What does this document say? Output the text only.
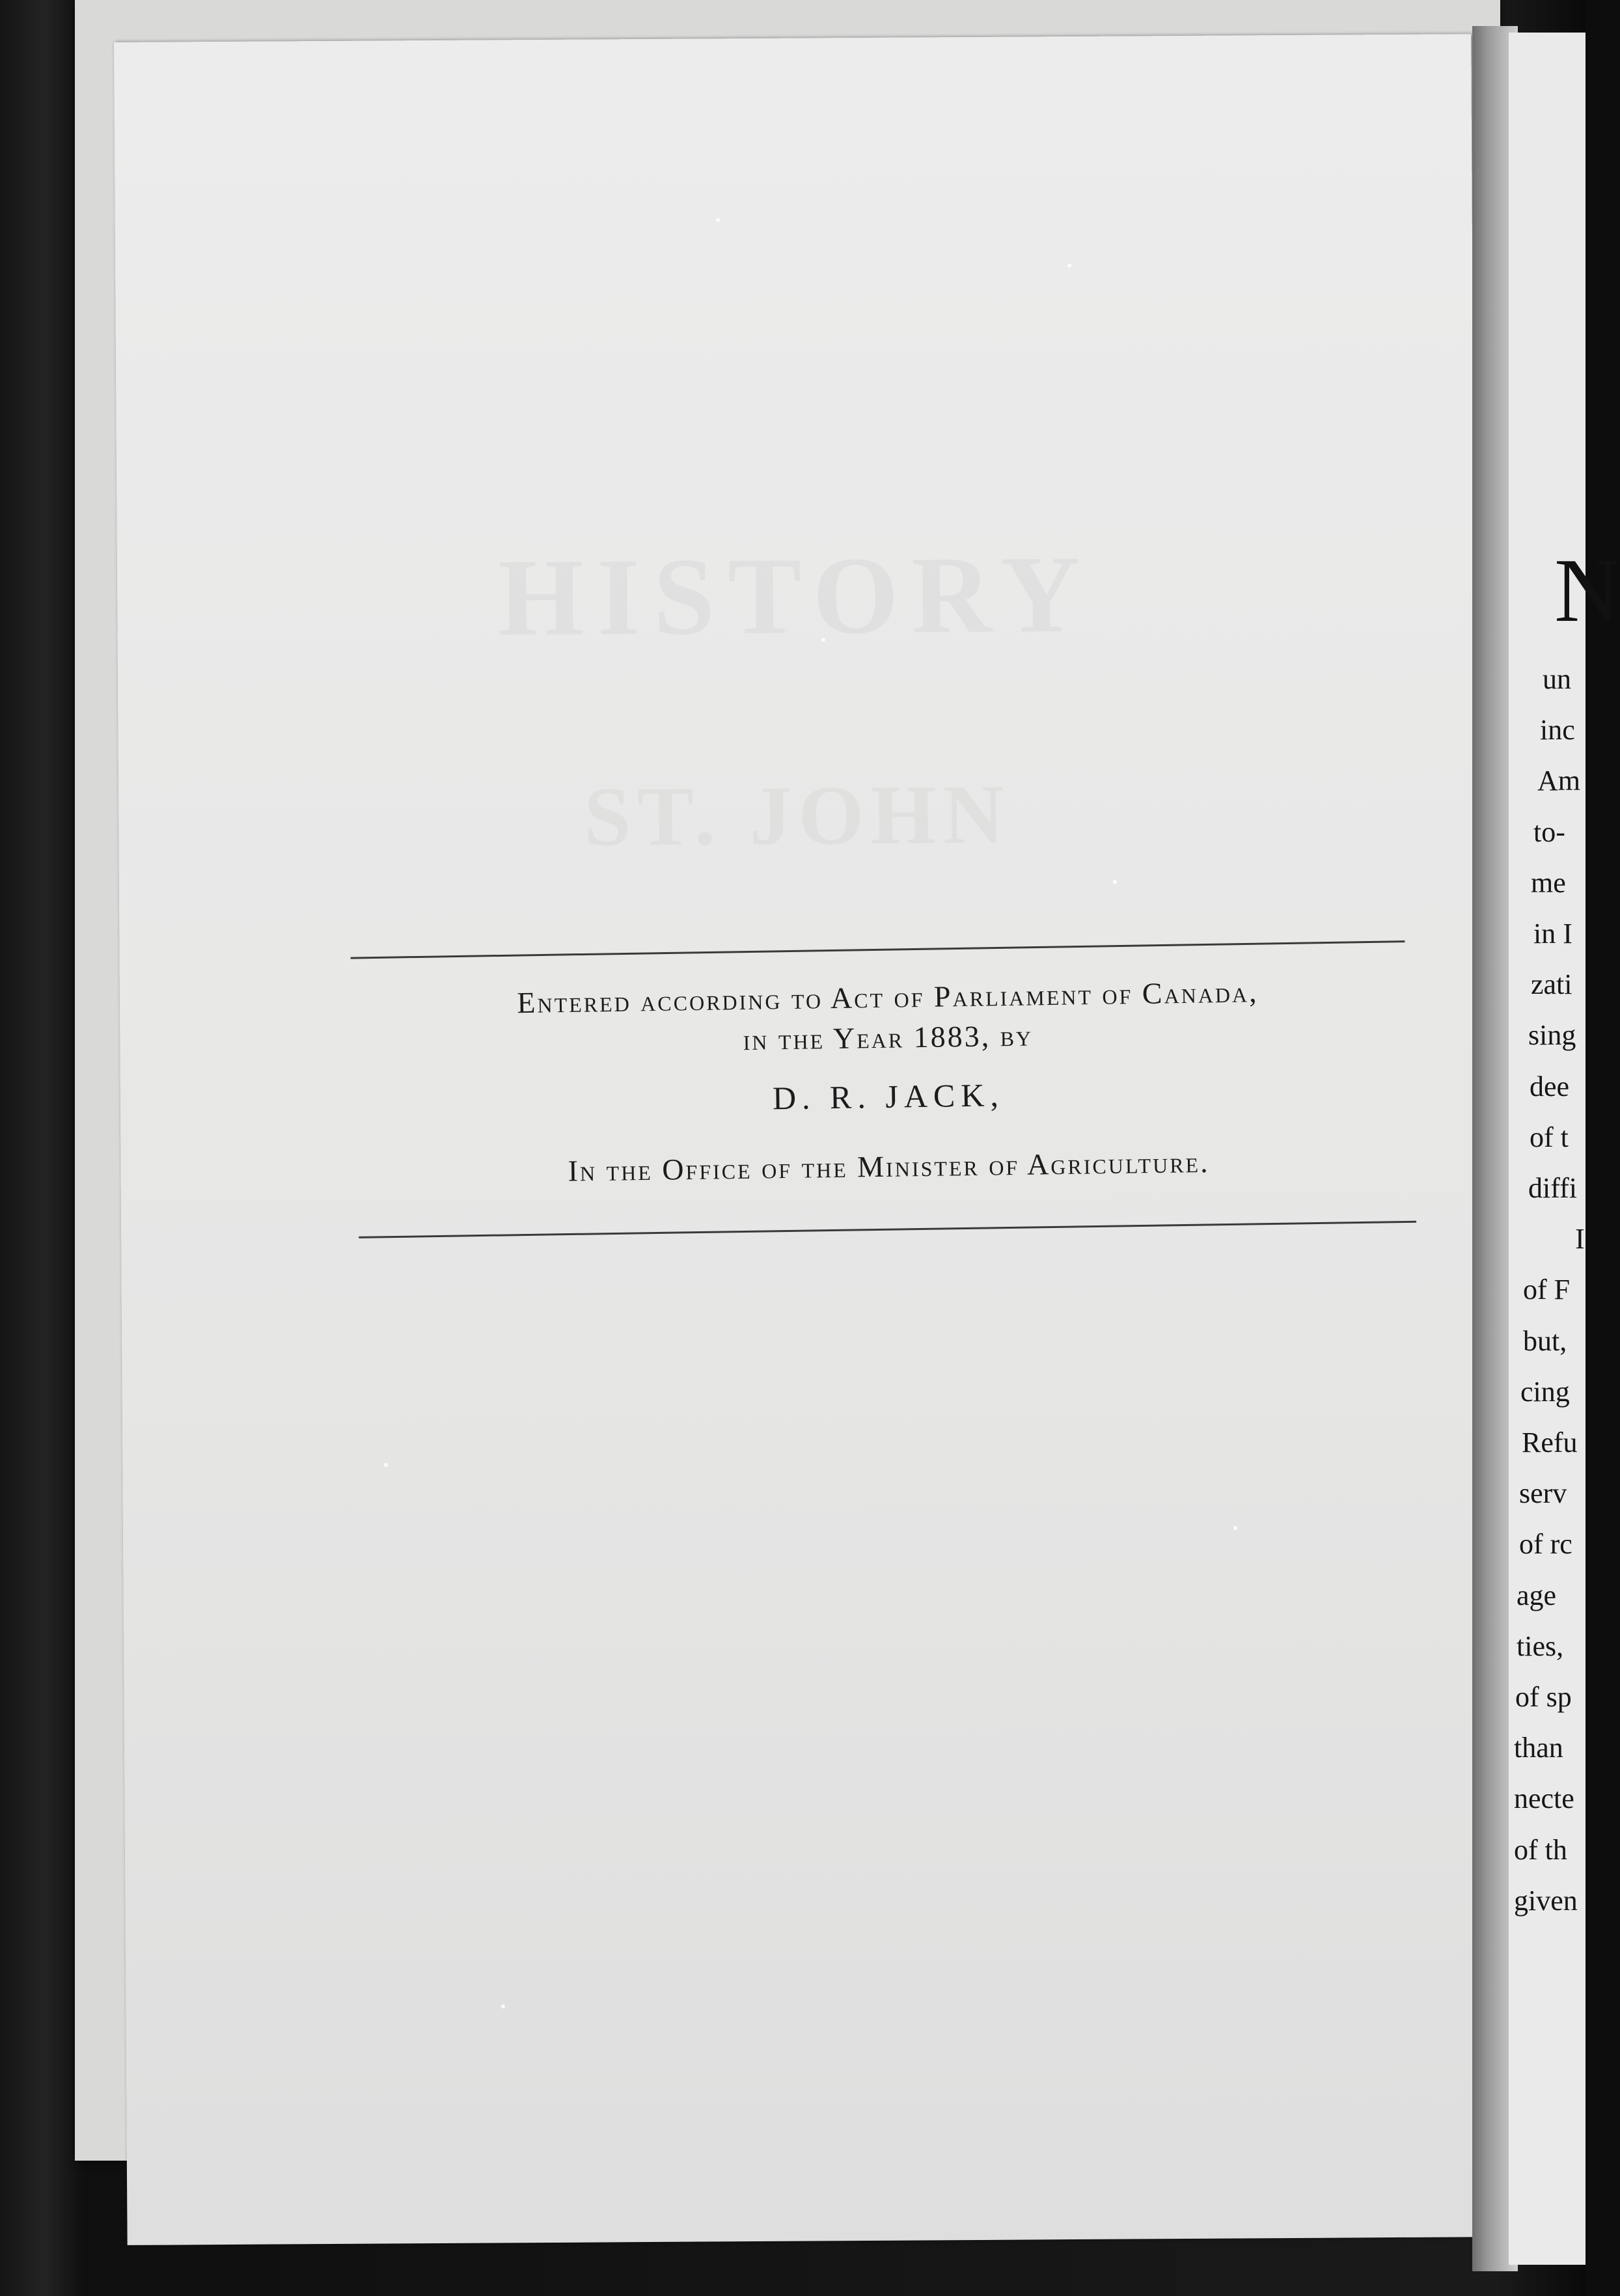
Entered according to Act of Parliament of Canada,
in the Year 1883, by
D. R. JACK,
In the Office of the Minister of Agriculture.
N
un
inc
Am
to-
me
in I
zati
sing
dee
of t
diffi
I
of F
but,
cing
Refu
serv
of rc
age
ties,
of sp
than
necte
of th
given
